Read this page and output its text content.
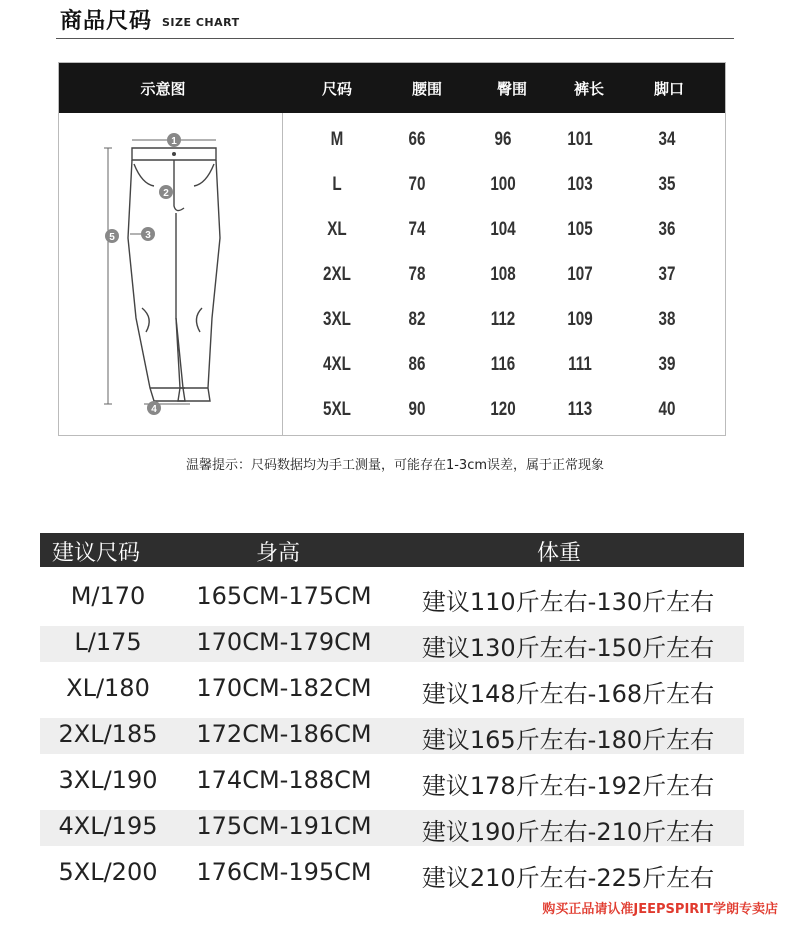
商品尺码 SIZE CHART
示意图	尺码	腰围	臀围	裤长	脚口
M	66	96	101	34
L	70	100	103	35
XL	74	104	105	36
2XL	78	108	107	37
3XL	82	112	109	38
4XL	86	116	111	39
5XL	90	120	113	40
1
2
3
4
5
温馨提示：尺码数据均为手工测量，可能存在1-3cm误差，属于正常现象
建议尺码	身高	体重
M/170 165CM-175CM 建议110斤左右-130斤左右
L/175 170CM-179CM 建议130斤左右-150斤左右
XL/180 170CM-182CM 建议148斤左右-168斤左右
2XL/185 172CM-186CM 建议165斤左右-180斤左右
3XL/190 174CM-188CM 建议178斤左右-192斤左右
4XL/195 175CM-191CM 建议190斤左右-210斤左右
5XL/200 176CM-195CM 建议210斤左右-225斤左右
购买正品请认准JEEPSPIRIT学朗专卖店
